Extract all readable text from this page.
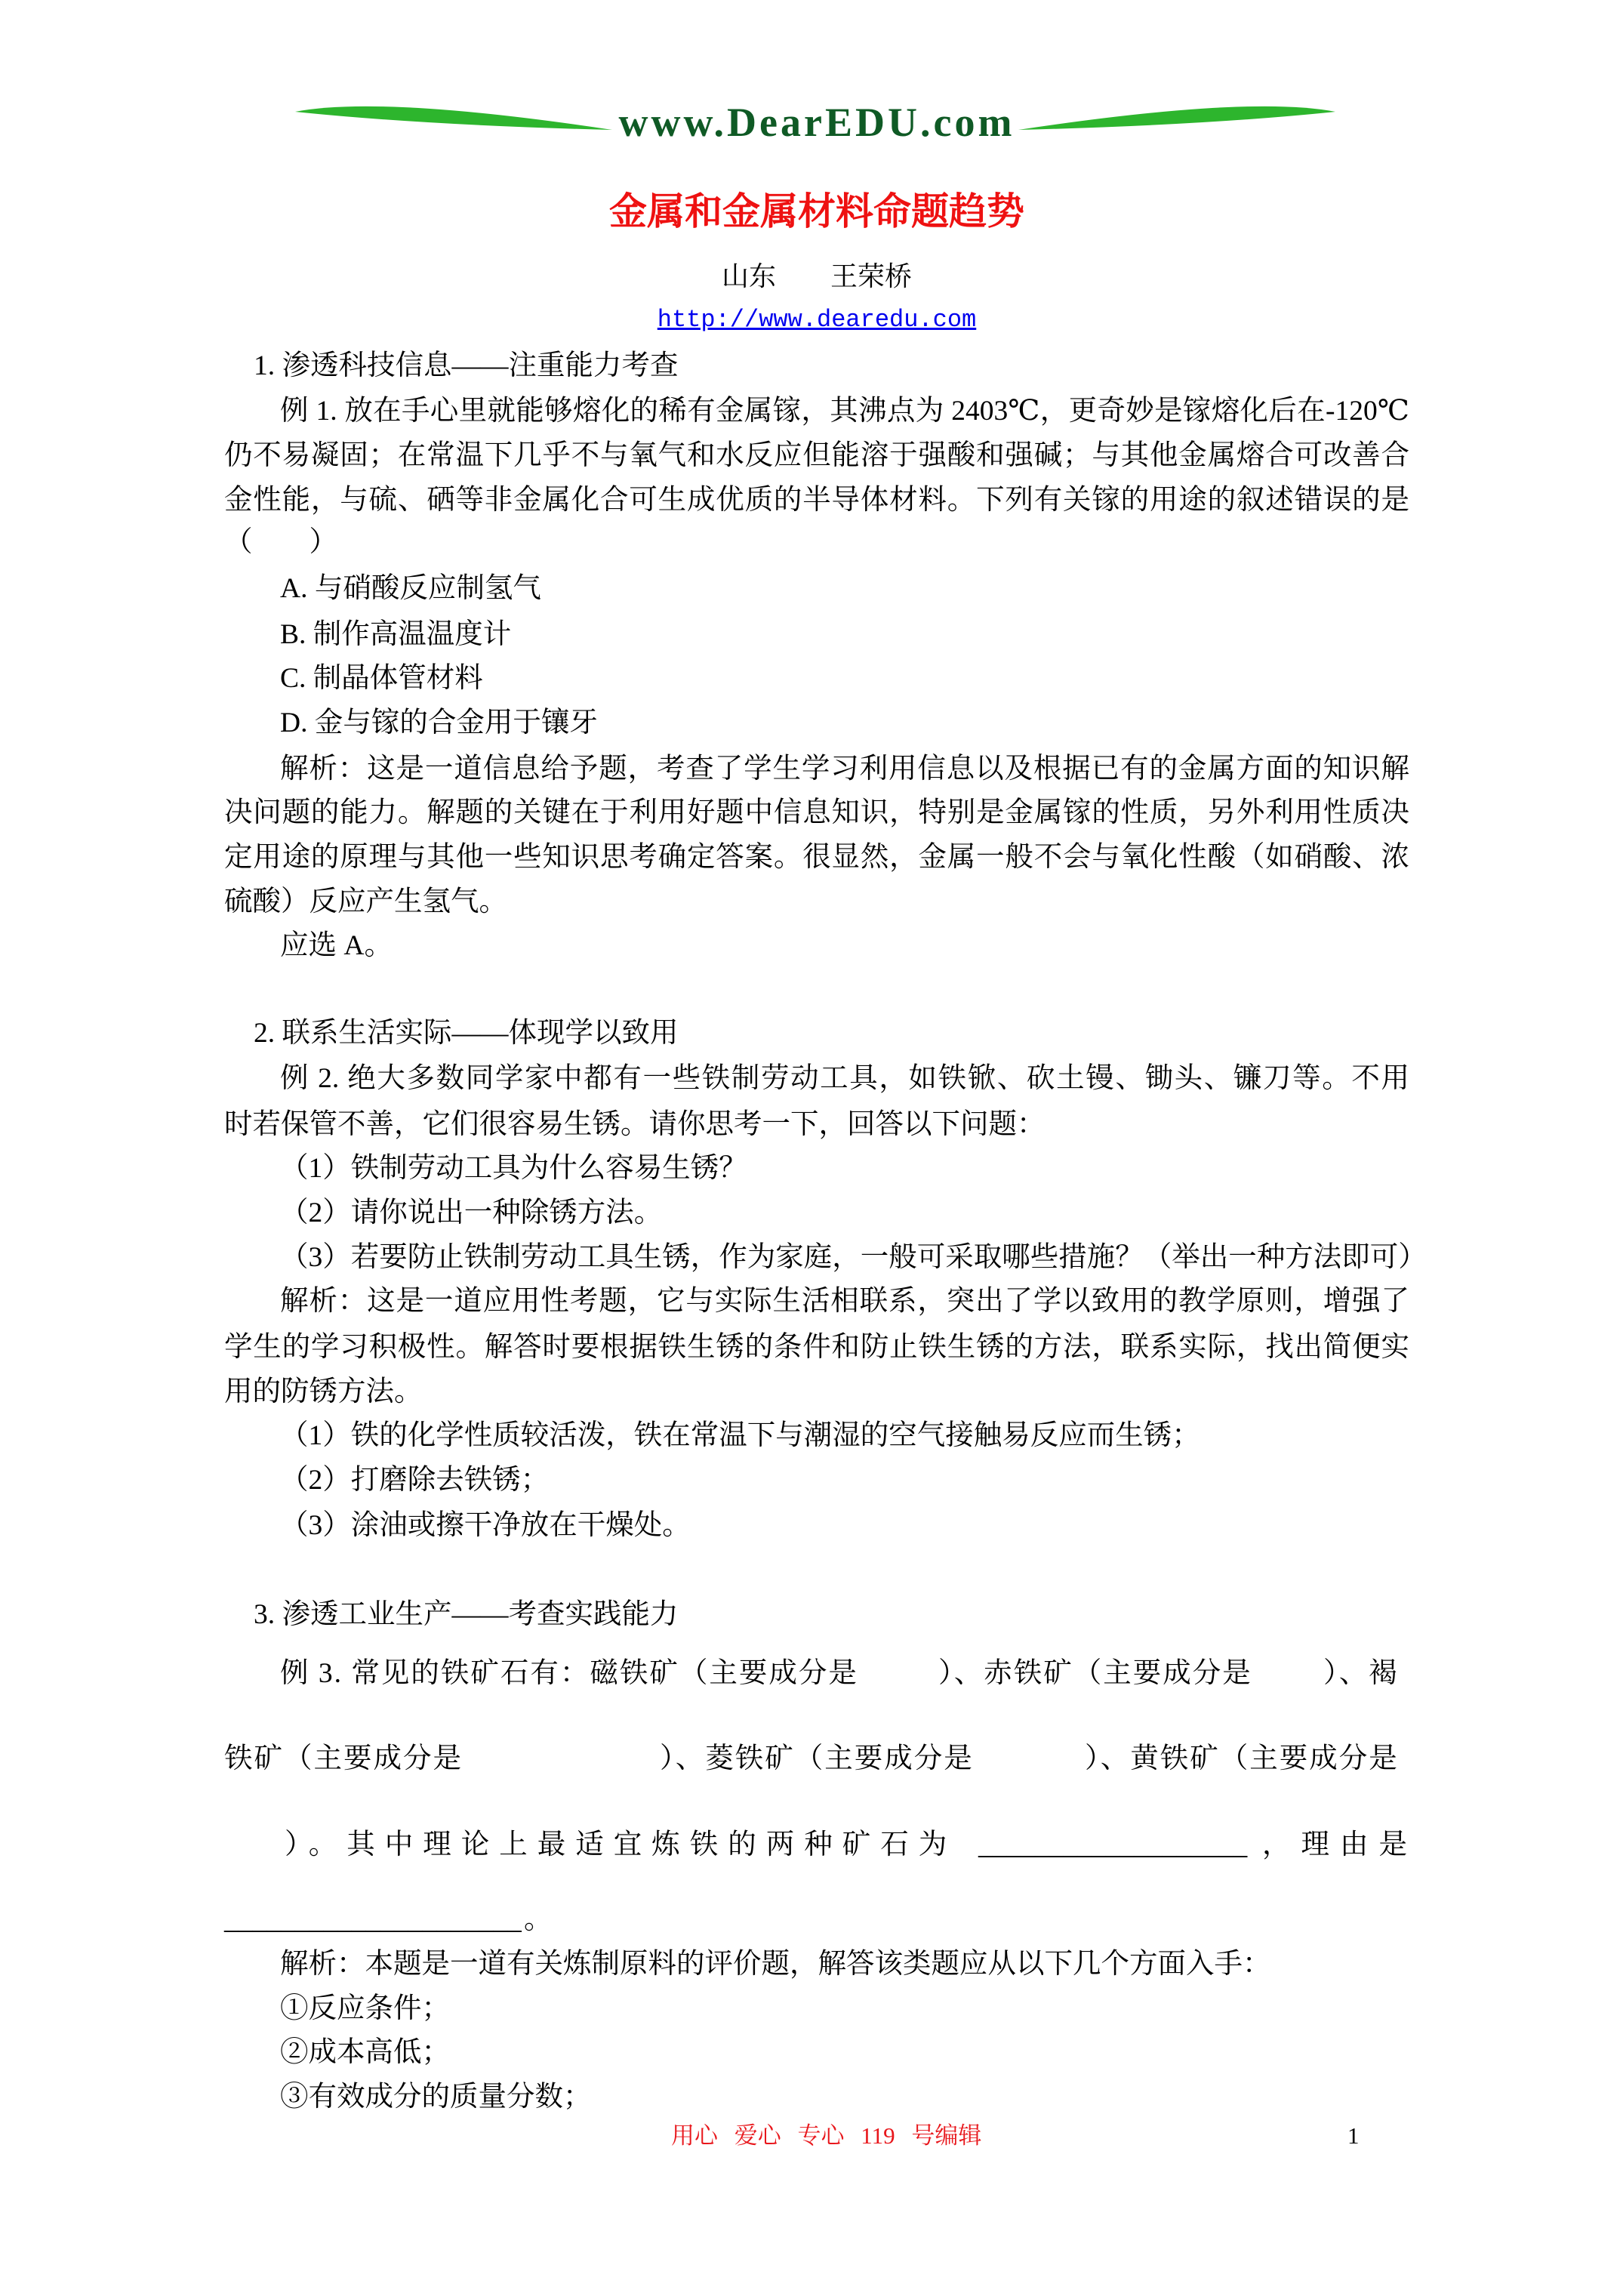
www.DearEDU.com
金属和金属材料命题趋势
山东　　王荣桥
http://www.dearedu.com
1. 渗透科技信息——注重能力考查
例 1. 放在手心里就能够熔化的稀有金属镓，其沸点为 2403℃，更奇妙是镓熔化后在-120℃
仍不易凝固；在常温下几乎不与氧气和水反应但能溶于强酸和强碱；与其他金属熔合可改善合
金性能，与硫、硒等非金属化合可生成优质的半导体材料。下列有关镓的用途的叙述错误的是
（　　）
A. 与硝酸反应制氢气
B. 制作高温温度计
C. 制晶体管材料
D. 金与镓的合金用于镶牙
解析：这是一道信息给予题，考查了学生学习利用信息以及根据已有的金属方面的知识解
决问题的能力。解题的关键在于利用好题中信息知识，特别是金属镓的性质，另外利用性质决
定用途的原理与其他一些知识思考确定答案。很显然，金属一般不会与氧化性酸（如硝酸、浓
硫酸）反应产生氢气。
应选 A。
2. 联系生活实际——体现学以致用
例 2. 绝大多数同学家中都有一些铁制劳动工具，如铁锨、砍土镘、锄头、镰刀等。不用
时若保管不善，它们很容易生锈。请你思考一下，回答以下问题：
（1）铁制劳动工具为什么容易生锈？
（2）请你说出一种除锈方法。
（3）若要防止铁制劳动工具生锈，作为家庭，一般可采取哪些措施？（举出一种方法即可）
解析：这是一道应用性考题，它与实际生活相联系，突出了学以致用的教学原则，增强了
学生的学习积极性。解答时要根据铁生锈的条件和防止铁生锈的方法，联系实际，找出简便实
用的防锈方法。
（1）铁的化学性质较活泼，铁在常温下与潮湿的空气接触易反应而生锈；
（2）打磨除去铁锈；
（3）涂油或擦干净放在干燥处。
3. 渗透工业生产——考查实践能力
例 3. 常见的铁矿石有：磁铁矿（主要成分是	）、赤铁矿（主要成分是	）、褐
铁矿（主要成分是	）、菱铁矿（主要成分是	）、黄铁矿（主要成分是
）。其中理论上最适宜炼铁的两种矿石为 ___________________ ，理由是
_____________________ 。
解析：本题是一道有关炼制原料的评价题，解答该类题应从以下几个方面入手：
①反应条件；
②成本高低；
③有效成分的质量分数；
用心 爱心 专心 119 号编辑	1
